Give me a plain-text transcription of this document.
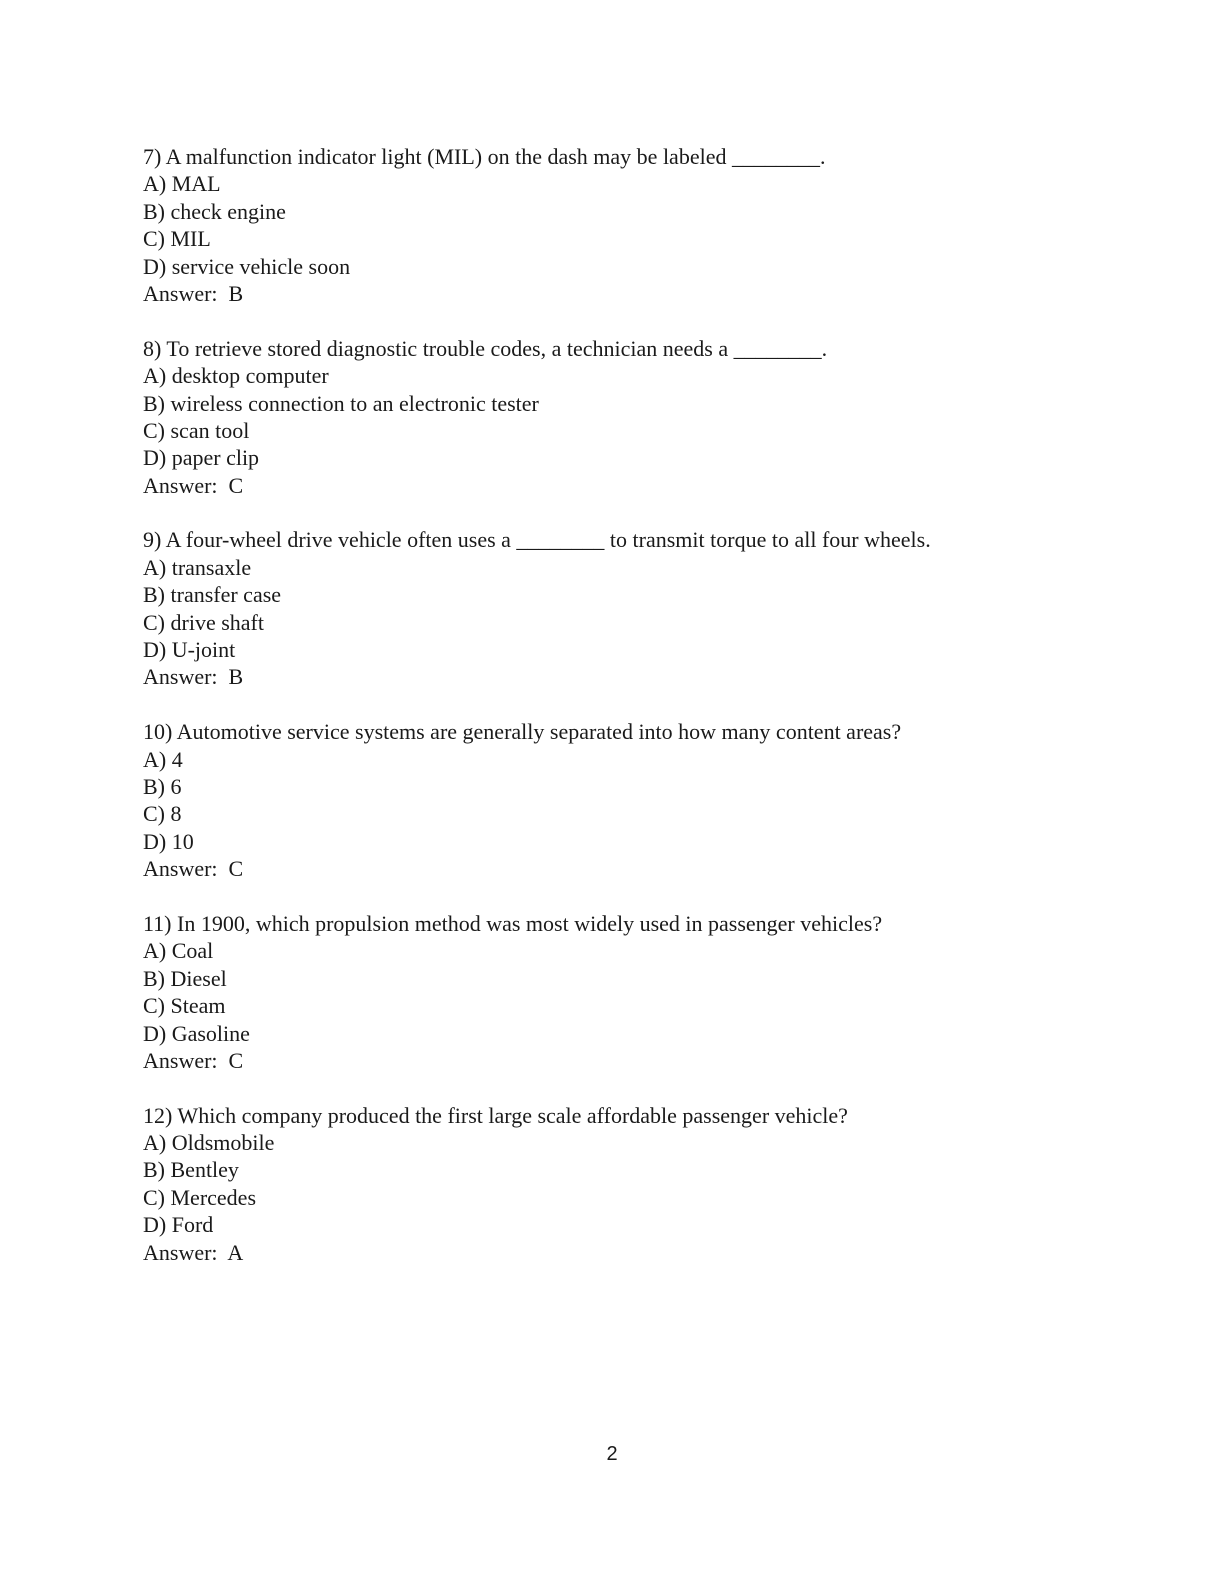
7) A malfunction indicator light (MIL) on the dash may be labeled ________.
A) MAL
B) check engine
C) MIL
D) service vehicle soon
Answer:  B
8) To retrieve stored diagnostic trouble codes, a technician needs a ________.
A) desktop computer
B) wireless connection to an electronic tester
C) scan tool
D) paper clip
Answer:  C
9) A four-wheel drive vehicle often uses a ________ to transmit torque to all four wheels.
A) transaxle
B) transfer case
C) drive shaft
D) U-joint
Answer:  B
10) Automotive service systems are generally separated into how many content areas?
A) 4
B) 6
C) 8
D) 10
Answer:  C
11) In 1900, which propulsion method was most widely used in passenger vehicles?
A) Coal
B) Diesel
C) Steam
D) Gasoline
Answer:  C
12) Which company produced the first large scale affordable passenger vehicle?
A) Oldsmobile
B) Bentley
C) Mercedes
D) Ford
Answer:  A
2
